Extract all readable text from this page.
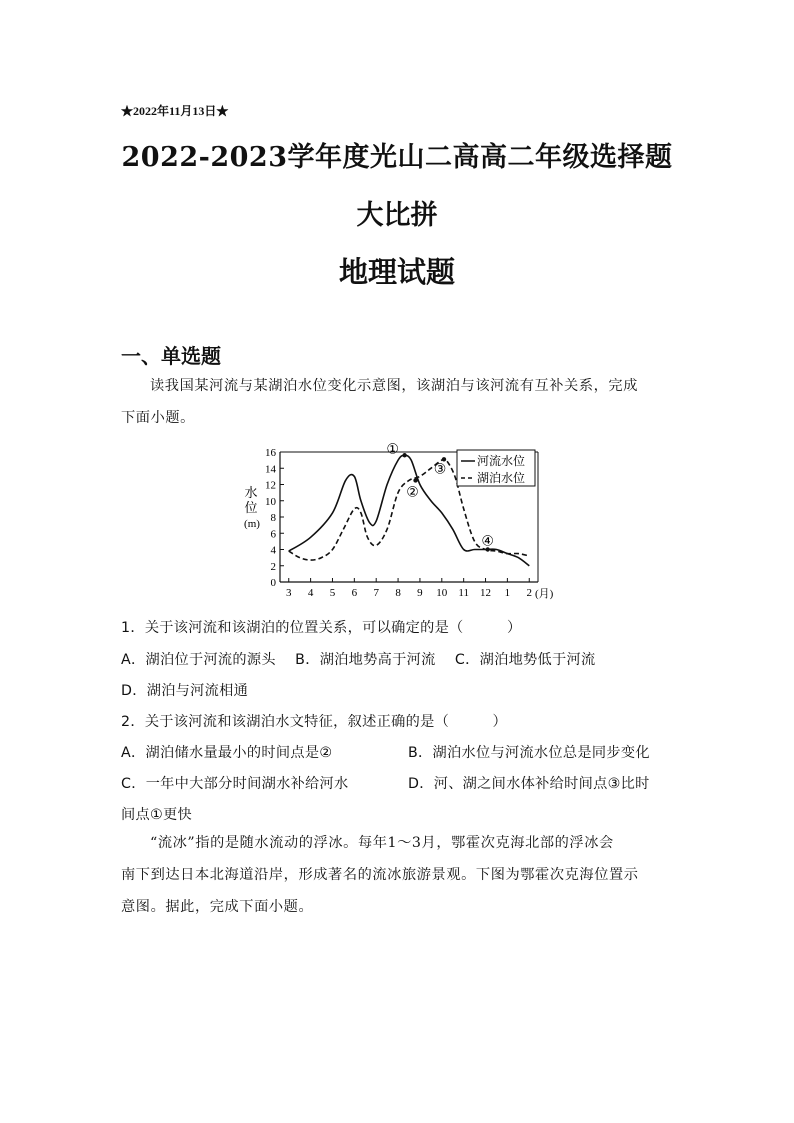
★2022年11月13日★
2022-2023学年度光山二高高二年级选择题
大比拼
地理试题
一、单选题
读我国某河流与某湖泊水位变化示意图，该湖泊与该河流有互补关系，完成
下面小题。
0
2
4
6
8
10
12
14
16
3 4 5 6 7 8 9 10 11 12 1 2
水
位
(m)
(月)
①
②
③
④
河流水位
湖泊水位
1．关于该河流和该湖泊的位置关系，可以确定的是（　　　）
A．湖泊位于河流的源头　 B．湖泊地势高于河流　 C．湖泊地势低于河流
D．湖泊与河流相通
2．关于该河流和该湖泊水文特征，叙述正确的是（　　　）
A．湖泊储水量最小的时间点是②	B．湖泊水位与河流水位总是同步变化
C．一年中大部分时间湖水补给河水	D．河、湖之间水体补给时间点③比时
间点①更快
“流冰”指的是随水流动的浮冰。每年1～3月，鄂霍次克海北部的浮冰会
南下到达日本北海道沿岸，形成著名的流冰旅游景观。下图为鄂霍次克海位置示
意图。据此，完成下面小题。
